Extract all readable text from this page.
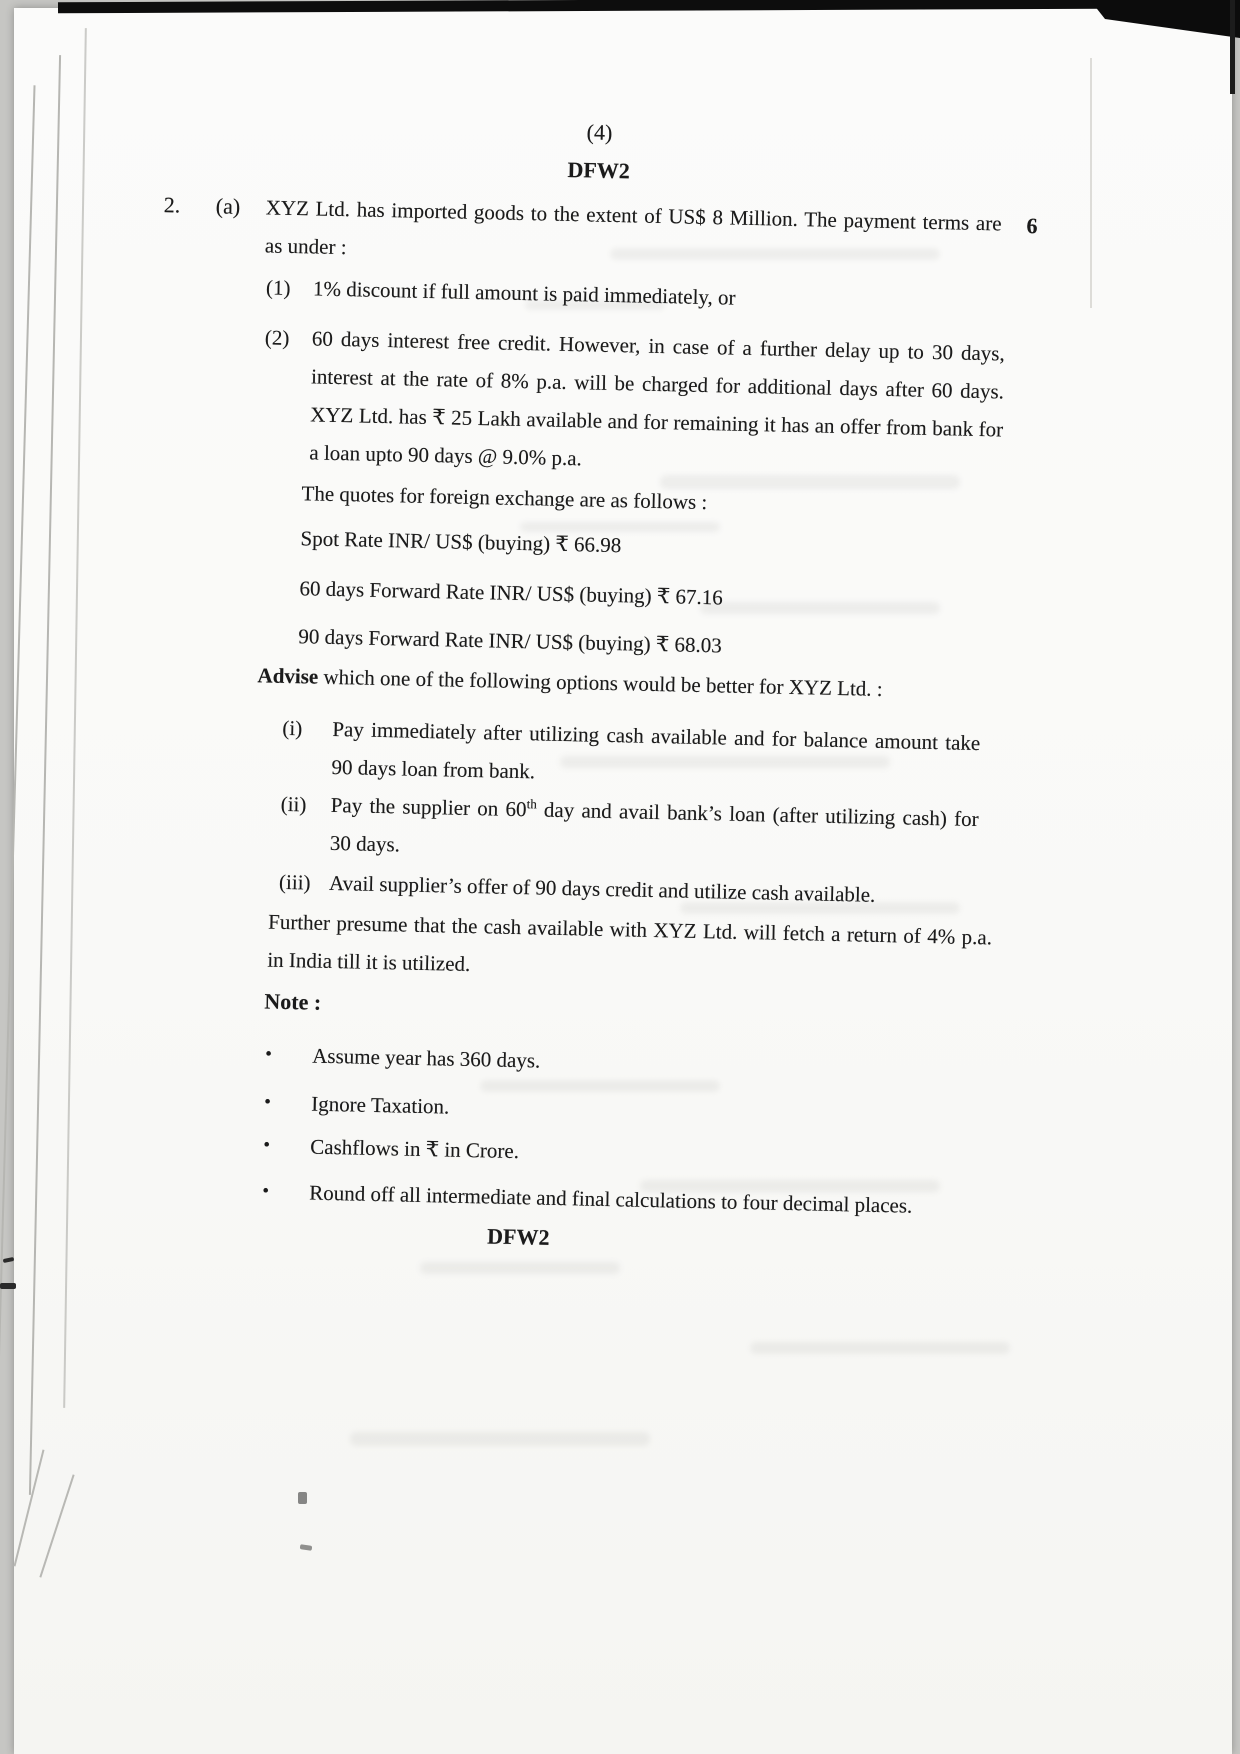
(4)
DFW2
2.	(a)	XYZ Ltd. has imported goods to the extent of US$ 8 Million. The payment terms are as under :
6
(1)	1% discount if full amount is paid immediately, or
(2)	60 days interest free credit. However, in case of a further delay up to 30 days, interest at the rate of 8% p.a. will be charged for additional days after 60 days. XYZ Ltd. has ₹ 25 Lakh available and for remaining it has an offer from bank for a loan upto 90 days @ 9.0% p.a.
The quotes for foreign exchange are as follows :
Spot Rate INR/ US$ (buying) ₹ 66.98
60 days Forward Rate INR/ US$ (buying) ₹ 67.16
90 days Forward Rate INR/ US$ (buying) ₹ 68.03
Advise which one of the following options would be better for XYZ Ltd. :
(i)	Pay immediately after utilizing cash available and for balance amount take 90 days loan from bank.
(ii)	Pay the supplier on 60th day and avail bank’s loan (after utilizing cash) for 30 days.
(iii) Avail supplier’s offer of 90 days credit and utilize cash available.
Further presume that the cash available with XYZ Ltd. will fetch a return of 4% p.a. in India till it is utilized.
Note :
•	Assume year has 360 days.
•	Ignore Taxation.
•	Cashflows in ₹ in Crore.
•	Round off all intermediate and final calculations to four decimal places.
DFW2
